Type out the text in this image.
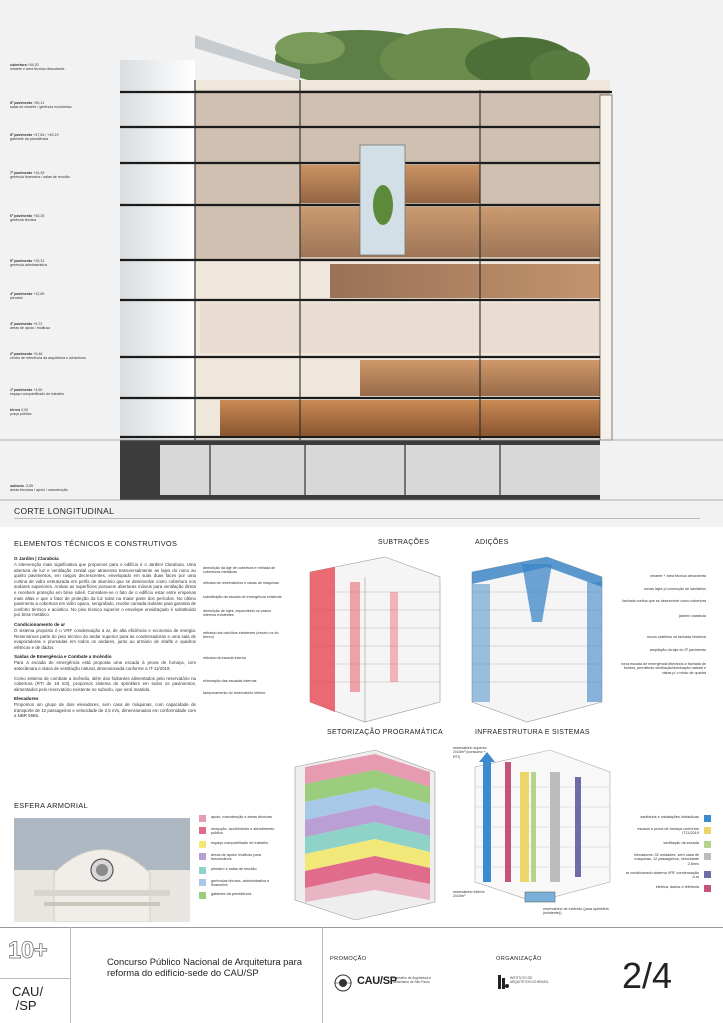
cobertura +54,20
mirante e área técnica descoberta
8º pavimento +50,11
salas do mirante / gerência econômica
8º pavimento +47,84 / +45,19
gabinete da presidência
7º pavimento +34,39
gerência financeira / salas de reunião
6º pavimento +30,25
gerência técnica
5º pavimento +25,31
gerência administrativa
4º pavimento +12,89
plenário
3º pavimento +9,72
áreas de apoio / multiuso
2º pavimento +5,46
centro de referência da arquitetura e urbanismo
1º pavimento +4,50
espaço compartilhado de trabalho
térreo 0,00
praça pública
subsolo -3,55
áreas técnicas / apoio / manutenção
CORTE LONGITUDINAL
ELEMENTOS TÉCNICOS E CONSTRUTIVOS
O Jardim | Claraboia

A intervenção mais significativa que propomos para o edifício é o Jardim/ Claraboia. Uma abertura de luz e ventilação zenital que atravessa transversalmente as lajes do nono ao quinto pavimentos, em rasgos decrescentes, envelopado em suas duas faces por uma cortina de vidro estruturada em perfis de alumínio que se desenvolve como cobertura nos andares superiores. Ambas as superfícies possuem aberturas móveis para ventilação direta e recebem proteção em brise soleil. Considere-se o fato de o edifício estar entre empenas mais altas e que o fator de proteção da luz solar na maior parte dos períodos. No último pavimento a cobertura em vidro opaco, serigrafado, recebe camada isolante para garantia de conforto térmico e acústico. No piso técnico superior o envelope envidraçado é substituído por brise metálico.

Condicionamento de ar

O sistema proposto é o VRF condensação a ar, de alta eficiência e economia de energia. Reservamos parte do piso técnico do andar superior para as condensadoras e uma sala de evaporadoras e prumadas em todos os andares, junto ao armário de shafts e quadros elétricos e de dados.

Saídas de Emergência e Combate a Incêndio

Para a escada de emergência está proposta uma escada à prova de fumaça, com antecâmara e dutos de ventilação natural, dimensionada conforme a IT-11/2019.

Como sistema de combate a incêndio, além dos hidrantes alimentados pelo reservatório na cobertura (RTI de 18 m3), propomos sistema de sprinklers em todos os pavimentos, alimentados pelo reservatório existente no subsolo, que será mantido.

Elevadores

Propomos um grupo de dois elevadores, sem casa de máquinas, com capacidade de transporte de 12 passageiros e velocidade de 2,5 m/s, dimensionados em conformidade com a NBR 5665.

ESFERA ARMORIAL
SUBTRAÇÕES
demolição da laje de cobertura e retirada de coberturas metálicas
retirada de reservatórios e casas de máquinas
substituição da escada de emergência existente
demolição de lajes, expandindo os vazios internos existentes
retirada dos caixilhos existentes (exceto os do térreo)
retirada da escada interna
eliminação das escadas internas
tamponamento do reservatório inferior
ADIÇÕES
mirante + área técnica descoberta
novas lajes p/ promoção de sanitários
fachada cortina que se desenvolve como cobertura
jardim/ claraboia
novos caixilhos na fachada histórica
ampliação da laje do 3º pavimento
nova escada de emergência liberando a fachada de fundos, permitindo ventilação/iluminação natural e vistas p/ o miolo de quadra
SETORIZAÇÃO PROGRAMÁTICA
apoio, manutenção e áreas técnicas
recepção, acolhimento e atendimento público
espaço compartilhado de trabalho
áreas de apoio/ multiuso para funcionários
plenário e salas de reunião
gerências técnica, administrativa e financeira
gabinete da presidência
INFRAESTRUTURA E SISTEMAS
reservatório superior 2x15m³ (consumo + RTI)
reservatório inferior 2x15m³
reservatório de incêndio (para sprinklers (existente))
sanitários e instalações hidráulicas
escada à prova de fumaça conforme IT11/2019
ventilação da escada
elevadores: 02 unidades, sem casa de máquinas, 12 passageiros, velocidade 2,5m/s
ar condicionado sistema VRF condensação a ar
elétrica, dados e telefonia
10+
CAU/
/SP
Concurso Público Nacional de Arquitetura para reforma do edifício-sede do CAU/SP
PROMOÇÃO
CAU/SP
Conselho de Arquitetura e Urbanismo de São Paulo
ORGANIZAÇÃO
INSTITUTO DE ARQUITETOS DO BRASIL 2/4
